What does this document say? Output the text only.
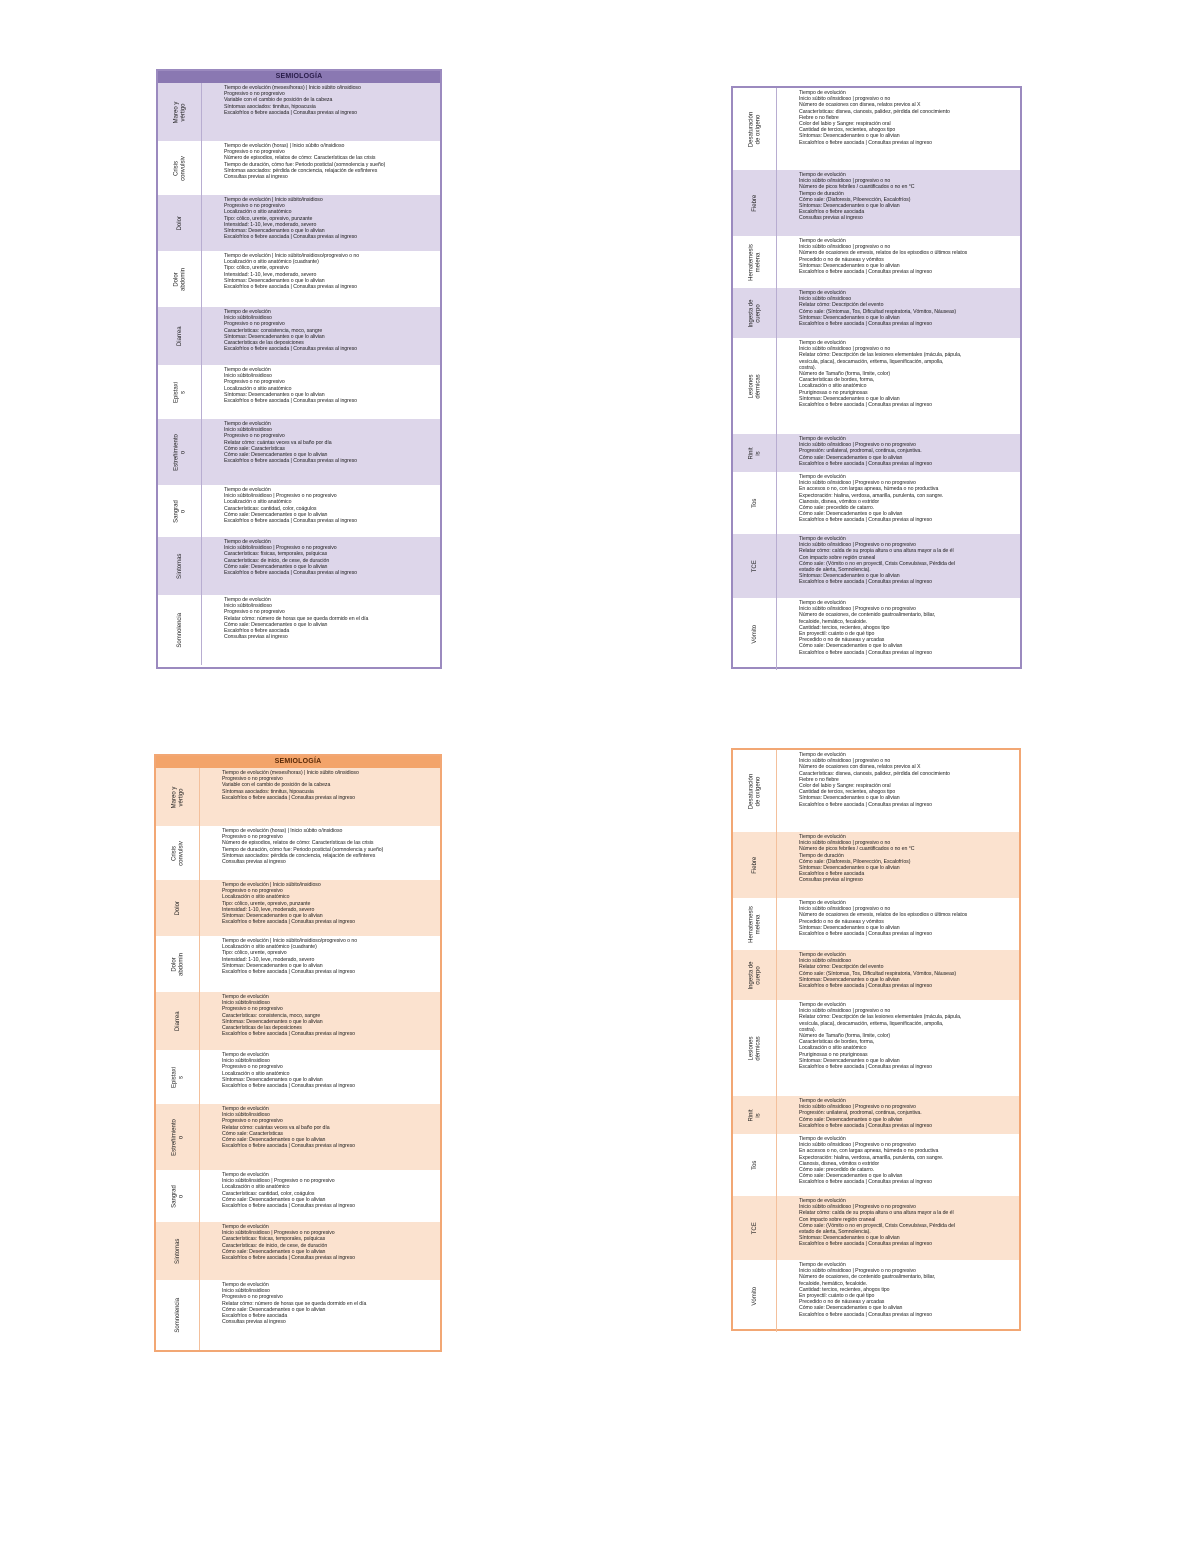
SEMIOLOGÍA
Mareo y
vértigo
• Tiempo de evolución (meses/horas) | Inicio súbito o/insidioso
• Progresivo o no progresivo
• Variable con el cambio de posición de la cabeza
• Síntomas asociados: tinnitus, hipoacusia
• Escalofríos o fiebre asociada | Consultas previas al ingreso
Crisis
convulsiv
• Tiempo de evolución (horas) | Inicio súbito o/insidioso
• Progresivo o no progresivo
• Número de episodios, relatos de cómo: Características de las crisis
• Tiempo de duración, cómo fue: Periodo postictal (somnolencia y sueño)
• Síntomas asociados: pérdida de conciencia, relajación de esfínteres
• Consultas previas al ingreso
Dolor
• Tiempo de evolución | Inicio súbito/insidioso
• Progresivo o no progresivo
• Localización o sitio anatómico
• Tipo: cólico, urente, opresivo, punzante
• Intensidad: 1-10, leve, moderado, severo
• Síntomas: Desencadenantes o que lo alivian
• Escalofríos o fiebre asociada | Consultas previas al ingreso
Dolor
abdomin
• Tiempo de evolución | Inicio súbito/insidioso/progresivo o no
• Localización o sitio anatómico (cuadrante)
• Tipo: cólico, urente, opresivo
• Intensidad: 1-10, leve, moderado, severo
• Síntomas: Desencadenantes o que lo alivian
• Escalofríos o fiebre asociada | Consultas previas al ingreso
Diarrea
• Tiempo de evolución
• Inicio súbito/insidioso
• Progresivo o no progresivo
• Características: consistencia, moco, sangre
• Síntomas: Desencadenantes o que lo alivian
• Características de las deposiciones
• Escalofríos o fiebre asociada | Consultas previas al ingreso
Epistaxi
s
• Tiempo de evolución
• Inicio súbito/insidioso
• Progresivo o no progresivo
• Localización o sitio anatómico
• Síntomas: Desencadenantes o que lo alivian
• Escalofríos o fiebre asociada | Consultas previas al ingreso
Estreñimiento
o
• Tiempo de evolución
• Inicio súbito/insidioso
• Progresivo o no progresivo
• Relatar cómo: cuántas veces va al baño por día
• Cómo sale: Características
• Cómo sale: Desencadenantes o que lo alivian
• Escalofríos o fiebre asociada | Consultas previas al ingreso
Sangrad
o
• Tiempo de evolución
• Inicio súbito/insidioso | Progresivo o no progresivo
• Localización o sitio anatómico
• Características: cantidad, color, coágulos
• Cómo sale: Desencadenantes o que lo alivian
• Escalofríos o fiebre asociada | Consultas previas al ingreso
Síntomas
• Tiempo de evolución
• Inicio súbito/insidioso | Progresivo o no progresivo
• Características: físicas, temporales, psíquicas
• Características: de inicio, de cese, de duración
• Cómo sale: Desencadenantes o que lo alivian
• Escalofríos o fiebre asociada | Consultas previas al ingreso
Somnolencia
• Tiempo de evolución
• Inicio súbito/insidioso
• Progresivo o no progresivo
• Relatar cómo: número de horas que se queda dormido en el día
• Cómo sale: Desencadenantes o que lo alivian
• Escalofríos o fiebre asociada
• Consultas previas al ingreso
Desaturación
de oxígeno
• Tiempo de evolución
• Inicio súbito o/insidioso | progresivo o no
• Número de ocasiones con disnea, relatos previos al X
• Características: disnea, cianosis, palidez, pérdida del conocimiento
• Fiebre o no fiebre
• Color del labio y Sangre: respiración oral
• Cantidad de tercios, recientes, ahogos tipo
• Síntomas: Desencadenantes o que lo alivian
• Escalofríos o fiebre asociada | Consultas previas al ingreso
Fiebre
• Tiempo de evolución
• Inicio súbito o/insidioso | progresivo o no
• Número de picos febriles / cuantificados o no en °C
• Tiempo de duración
• Cómo sale: (Diaforesis, Piloerección, Escalofríos)
• Síntomas: Desencadenantes o que lo alivian
• Escalofríos o fiebre asociada
• Consultas previas al ingreso
Hematemesis
melena
• Tiempo de evolución
• Inicio súbito o/insidioso | progresivo o no
• Número de ocasiones de emesis, relatos de los episodios o últimos relatos
• Precedido o no de náuseas y vómitos
• Síntomas: Desencadenantes o que lo alivian
• Escalofríos o fiebre asociada | Consultas previas al ingreso
Ingesta de
cuerpo
• Tiempo de evolución
• Inicio súbito o/insidioso
• Relatar cómo: Descripción del evento
• Cómo sale: (Síntomas, Tos, Dificultad respiratoria, Vómitos, Náuseas)
• Síntomas: Desencadenantes o que lo alivian
• Escalofríos o fiebre asociada | Consultas previas al ingreso
Lesiones
dérmicas
• Tiempo de evolución
• Inicio súbito o/insidioso | progresivo o no
• Relatar cómo: Descripción de las lesiones elementales (mácula, pápula,
• vesícula, placa), descamación, eritema, liquenificación, ampolla,
• costra).
• Número de Tamaño (forma, límite, color)
• Características de bordes, forma,
• Localización o sitio anatómico
• Pruriginosas o no pruriginosas
• Síntomas: Desencadenantes o que lo alivian
• Escalofríos o fiebre asociada | Consultas previas al ingreso
Rinit
is
• Tiempo de evolución
• Inicio súbito o/insidioso | Progresivo o no progresivo
• Progresión: unilateral, prodromal, continua, conjuntiva.
• Cómo sale: Desencadenantes o que lo alivian
• Escalofríos o fiebre asociada | Consultas previas al ingreso
Tos
• Tiempo de evolución
• Inicio súbito o/insidioso | Progresivo o no progresivo
• En accesos o no, con largas apneas, húmeda o no productiva
• Expectoración: hialina, verdosa, amarilla, purulenta, con sangre.
• Cianosis, disnea, vómitos o estridor
• Cómo sale: precedido de catarro.
• Cómo sale: Desencadenantes o que lo alivian
• Escalofríos o fiebre asociada | Consultas previas al ingreso
TCE
• Tiempo de evolución
• Inicio súbito o/insidioso | Progresivo o no progresivo
• Relatar cómo: caída de su propia altura o una altura mayor a la de él
• Con impacto sobre región craneal
• Cómo sale: (Vómito o no en proyectil, Crisis Convulsivas, Pérdida del
• estado de alerta, Somnolencia).
• Síntomas: Desencadenantes o que lo alivian
• Escalofríos o fiebre asociada | Consultas previas al ingreso
Vómito
• Tiempo de evolución
• Inicio súbito o/insidioso | Progresivo o no progresivo
• Número de ocasiones, de contenido gastroalimentario, biliar,
• fecaloide, hemático, fecaloide.
• Cantidad: tercios, recientes, ahogos tipo
• En proyectil: cuánto o de qué tipo
• Precedido o no de náuseas y arcadas
• Cómo sale: Desencadenantes o que lo alivian
• Escalofríos o fiebre asociada | Consultas previas al ingreso
SEMIOLOGÍA
Mareo y
vértigo
• Tiempo de evolución (meses/horas) | Inicio súbito o/insidioso
• Progresivo o no progresivo
• Variable con el cambio de posición de la cabeza
• Síntomas asociados: tinnitus, hipoacusia
• Escalofríos o fiebre asociada | Consultas previas al ingreso
Crisis
convulsiv
• Tiempo de evolución (horas) | Inicio súbito o/insidioso
• Progresivo o no progresivo
• Número de episodios, relatos de cómo: Características de las crisis
• Tiempo de duración, cómo fue: Periodo postictal (somnolencia y sueño)
• Síntomas asociados: pérdida de conciencia, relajación de esfínteres
• Consultas previas al ingreso
Dolor
• Tiempo de evolución | Inicio súbito/insidioso
• Progresivo o no progresivo
• Localización o sitio anatómico
• Tipo: cólico, urente, opresivo, punzante
• Intensidad: 1-10, leve, moderado, severo
• Síntomas: Desencadenantes o que lo alivian
• Escalofríos o fiebre asociada | Consultas previas al ingreso
Dolor
abdomin
• Tiempo de evolución | Inicio súbito/insidioso/progresivo o no
• Localización o sitio anatómico (cuadrante)
• Tipo: cólico, urente, opresivo
• Intensidad: 1-10, leve, moderado, severo
• Síntomas: Desencadenantes o que lo alivian
• Escalofríos o fiebre asociada | Consultas previas al ingreso
Diarrea
• Tiempo de evolución
• Inicio súbito/insidioso
• Progresivo o no progresivo
• Características: consistencia, moco, sangre
• Síntomas: Desencadenantes o que lo alivian
• Características de las deposiciones
• Escalofríos o fiebre asociada | Consultas previas al ingreso
Epistaxi
s
• Tiempo de evolución
• Inicio súbito/insidioso
• Progresivo o no progresivo
• Localización o sitio anatómico
• Síntomas: Desencadenantes o que lo alivian
• Escalofríos o fiebre asociada | Consultas previas al ingreso
Estreñimiento
o
• Tiempo de evolución
• Inicio súbito/insidioso
• Progresivo o no progresivo
• Relatar cómo: cuántas veces va al baño por día
• Cómo sale: Características
• Cómo sale: Desencadenantes o que lo alivian
• Escalofríos o fiebre asociada | Consultas previas al ingreso
Sangrad
o
• Tiempo de evolución
• Inicio súbito/insidioso | Progresivo o no progresivo
• Localización o sitio anatómico
• Características: cantidad, color, coágulos
• Cómo sale: Desencadenantes o que lo alivian
• Escalofríos o fiebre asociada | Consultas previas al ingreso
Síntomas
• Tiempo de evolución
• Inicio súbito/insidioso | Progresivo o no progresivo
• Características: físicas, temporales, psíquicas
• Características: de inicio, de cese, de duración
• Cómo sale: Desencadenantes o que lo alivian
• Escalofríos o fiebre asociada | Consultas previas al ingreso
Somnolencia
• Tiempo de evolución
• Inicio súbito/insidioso
• Progresivo o no progresivo
• Relatar cómo: número de horas que se queda dormido en el día
• Cómo sale: Desencadenantes o que lo alivian
• Escalofríos o fiebre asociada
• Consultas previas al ingreso
Desaturación
de oxígeno
• Tiempo de evolución
• Inicio súbito o/insidioso | progresivo o no
• Número de ocasiones con disnea, relatos previos al X
• Características: disnea, cianosis, palidez, pérdida del conocimiento
• Fiebre o no fiebre
• Color del labio y Sangre: respiración oral
• Cantidad de tercios, recientes, ahogos tipo
• Síntomas: Desencadenantes o que lo alivian
• Escalofríos o fiebre asociada | Consultas previas al ingreso
Fiebre
• Tiempo de evolución
• Inicio súbito o/insidioso | progresivo o no
• Número de picos febriles / cuantificados o no en °C
• Tiempo de duración
• Cómo sale: (Diaforesis, Piloerección, Escalofríos)
• Síntomas: Desencadenantes o que lo alivian
• Escalofríos o fiebre asociada
• Consultas previas al ingreso
Hematemesis
melena
• Tiempo de evolución
• Inicio súbito o/insidioso | progresivo o no
• Número de ocasiones de emesis, relatos de los episodios o últimos relatos
• Precedido o no de náuseas y vómitos
• Síntomas: Desencadenantes o que lo alivian
• Escalofríos o fiebre asociada | Consultas previas al ingreso
Ingesta de
cuerpo
• Tiempo de evolución
• Inicio súbito o/insidioso
• Relatar cómo: Descripción del evento
• Cómo sale: (Síntomas, Tos, Dificultad respiratoria, Vómitos, Náuseas)
• Síntomas: Desencadenantes o que lo alivian
• Escalofríos o fiebre asociada | Consultas previas al ingreso
Lesiones
dérmicas
• Tiempo de evolución
• Inicio súbito o/insidioso | progresivo o no
• Relatar cómo: Descripción de las lesiones elementales (mácula, pápula,
• vesícula, placa), descamación, eritema, liquenificación, ampolla,
• costra).
• Número de Tamaño (forma, límite, color)
• Características de bordes, forma,
• Localización o sitio anatómico
• Pruriginosas o no pruriginosas
• Síntomas: Desencadenantes o que lo alivian
• Escalofríos o fiebre asociada | Consultas previas al ingreso
Rinit
is
• Tiempo de evolución
• Inicio súbito o/insidioso | Progresivo o no progresivo
• Progresión: unilateral, prodromal, continua, conjuntiva.
• Cómo sale: Desencadenantes o que lo alivian
• Escalofríos o fiebre asociada | Consultas previas al ingreso
Tos
• Tiempo de evolución
• Inicio súbito o/insidioso | Progresivo o no progresivo
• En accesos o no, con largas apneas, húmeda o no productiva
• Expectoración: hialina, verdosa, amarilla, purulenta, con sangre.
• Cianosis, disnea, vómitos o estridor
• Cómo sale: precedido de catarro.
• Cómo sale: Desencadenantes o que lo alivian
• Escalofríos o fiebre asociada | Consultas previas al ingreso
TCE
• Tiempo de evolución
• Inicio súbito o/insidioso | Progresivo o no progresivo
• Relatar cómo: caída de su propia altura o una altura mayor a la de él
• Con impacto sobre región craneal
• Cómo sale: (Vómito o no en proyectil, Crisis Convulsivas, Pérdida del
• estado de alerta, Somnolencia).
• Síntomas: Desencadenantes o que lo alivian
• Escalofríos o fiebre asociada | Consultas previas al ingreso
Vómito
• Tiempo de evolución
• Inicio súbito o/insidioso | Progresivo o no progresivo
• Número de ocasiones, de contenido gastroalimentario, biliar,
• fecaloide, hemático, fecaloide.
• Cantidad: tercios, recientes, ahogos tipo
• En proyectil: cuánto o de qué tipo
• Precedido o no de náuseas y arcadas
• Cómo sale: Desencadenantes o que lo alivian
• Escalofríos o fiebre asociada | Consultas previas al ingreso
